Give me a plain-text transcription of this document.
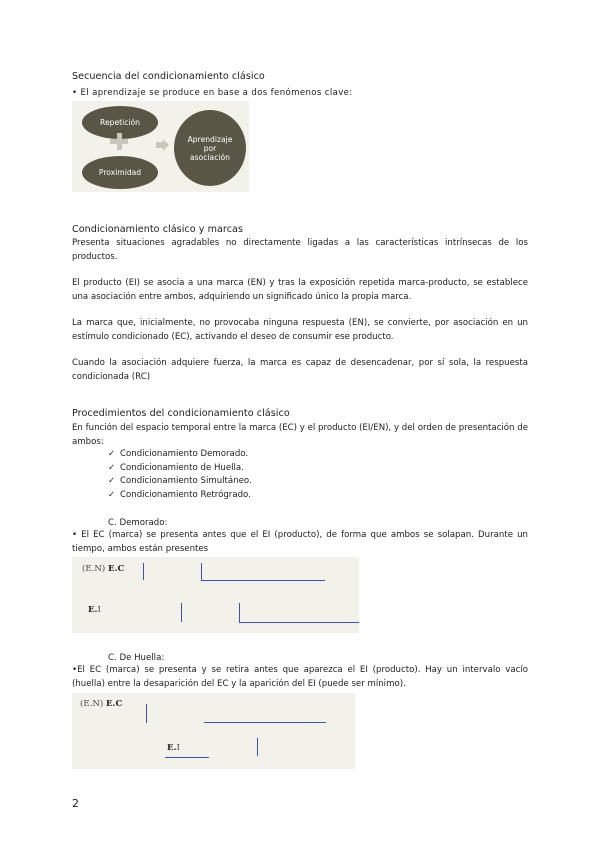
Secuencia del condicionamiento clásico
• El aprendizaje se produce en base a dos fenómenos clave:
Repetición
Proximidad
Aprendizaje por asociación
Condicionamiento clásico y marcas
Presenta situaciones agradables no directamente ligadas a las características intrínsecas de los productos.
El producto (EI) se asocia a una marca (EN) y tras la exposición repetida marca-producto, se establece una asociación entre ambos, adquiriendo un significado único la propia marca.
La marca que, inicialmente, no provocaba ninguna respuesta (EN), se convierte, por asociación en un estímulo condicionado (EC), activando el deseo de consumir ese producto.
Cuando la asociación adquiere fuerza, la marca es capaz de desencadenar, por sí sola, la respuesta condicionada (RC)
Procedimientos del condicionamiento clásico
En función del espacio temporal entre la marca (EC) y el producto (EI/EN), y del orden de presentación de ambos:
✓ Condicionamiento Demorado.
✓ Condicionamiento de Huella.
✓ Condicionamiento Simultáneo.
✓ Condicionamiento Retrógrado.
C. Demorado:
• El EC (marca) se presenta antes que el EI (producto), de forma que ambos se solapan. Durante un tiempo, ambos están presentes
(E.N) E.C
E.I
C. De Huella:
•El EC (marca) se presenta y se retira antes que aparezca el EI (producto). Hay un intervalo vacío (huella) entre la desaparición del EC y la aparición del EI (puede ser mínimo).
(E.N) E.C
E.I
2
